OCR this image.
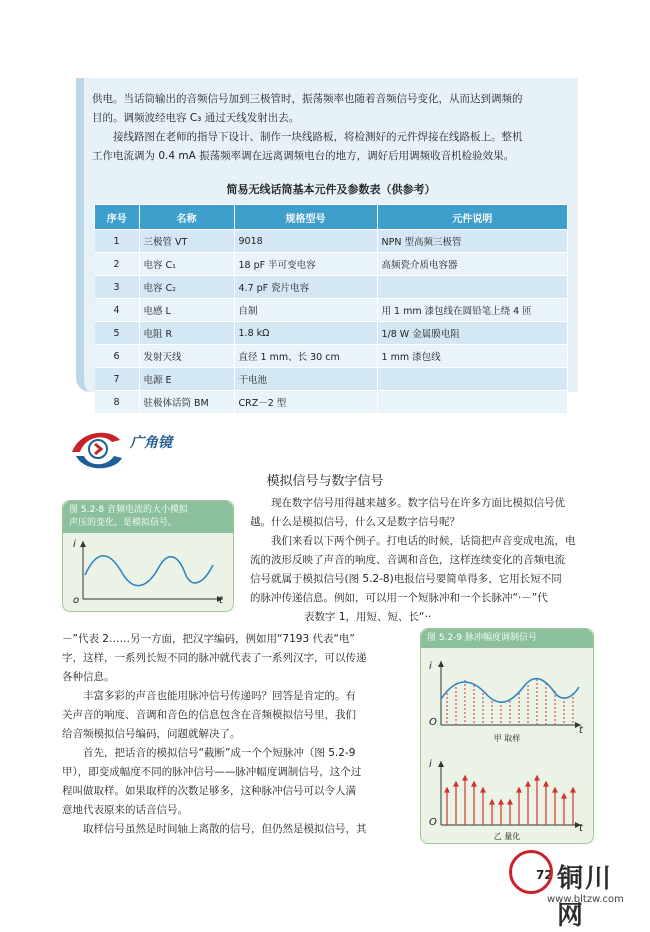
供电。当话筒输出的音频信号加到三极管时，振荡频率也随着音频信号变化，从而达到调频的
目的。调频波经电容 C₃ 通过天线发射出去。
　　接线路图在老师的指导下设计、制作一块线路板，将检测好的元件焊接在线路板上。整机
工作电流调为 0.4 mA 振荡频率调在远离调频电台的地方，调好后用调频收音机检验效果。
简易无线话筒基本元件及参数表（供参考）
序号	名称	规格型号	元件说明
1	三极管 VT	9018	NPN 型高频三极管
2	电容 C₁	18 pF 半可变电容	高频瓷介质电容器
3	电容 C₂	4.7 pF 瓷片电容	
4	电感 L	自制	用 1 mm 漆包线在圆铅笔上绕 4 匝
5	电阻 R	1.8 kΩ	1/8 W 金属膜电阻
6	发射天线	直径 1 mm、长 30 cm	1 mm 漆包线
7	电源 E	干电池	
8	驻极体话筒 BM	CRZ－2 型	
广角镜
模拟信号与数字信号
图 5.2-8 音频电流的大小模拟
声压的变化，是模拟信号。
i
o	t
　　现在数字信号用得越来越多。数字信号在许多方面比模拟信号优
越。什么是模拟信号，什么又是数字信号呢？
　　我们来看以下两个例子。打电话的时候，话筒把声音变成电流，电
流的波形反映了声音的响度、音调和音色，这样连续变化的音频电流
信号就属于模拟信号(图 5.2-8)电报信号要简单得多，它用长短不同
的脉冲传递信息。例如，可以用一个短脉冲和一个长脉冲“·－”代
表数字 1，用短、短、长“··
－”代表 2……另一方面，把汉字编码，例如用“7193 代表“电”
字，这样，一系列长短不同的脉冲就代表了一系列汉字，可以传递
各种信息。
　　丰富多彩的声音也能用脉冲信号传递吗？回答是肯定的。有
关声音的响度、音调和音色的信息包含在音频模拟信号里，我们
给音频模拟信号编码，问题就解决了。
　　首先，把话音的模拟信号“截断”成一个个短脉冲（图 5.2-9
甲），即变成幅度不同的脉冲信号——脉冲幅度调制信号，这个过
程叫做取样。如果取样的次数足够多，这种脉冲信号可以令人满
意地代表原来的话音信号。
　　取样信号虽然是时间轴上离散的信号，但仍然是模拟信号，其
图 5.2-9 脉冲幅度调制信号
i
O
t
甲 取样
i
O
t
乙 量化
72 铜川网
www.bltzw.com
